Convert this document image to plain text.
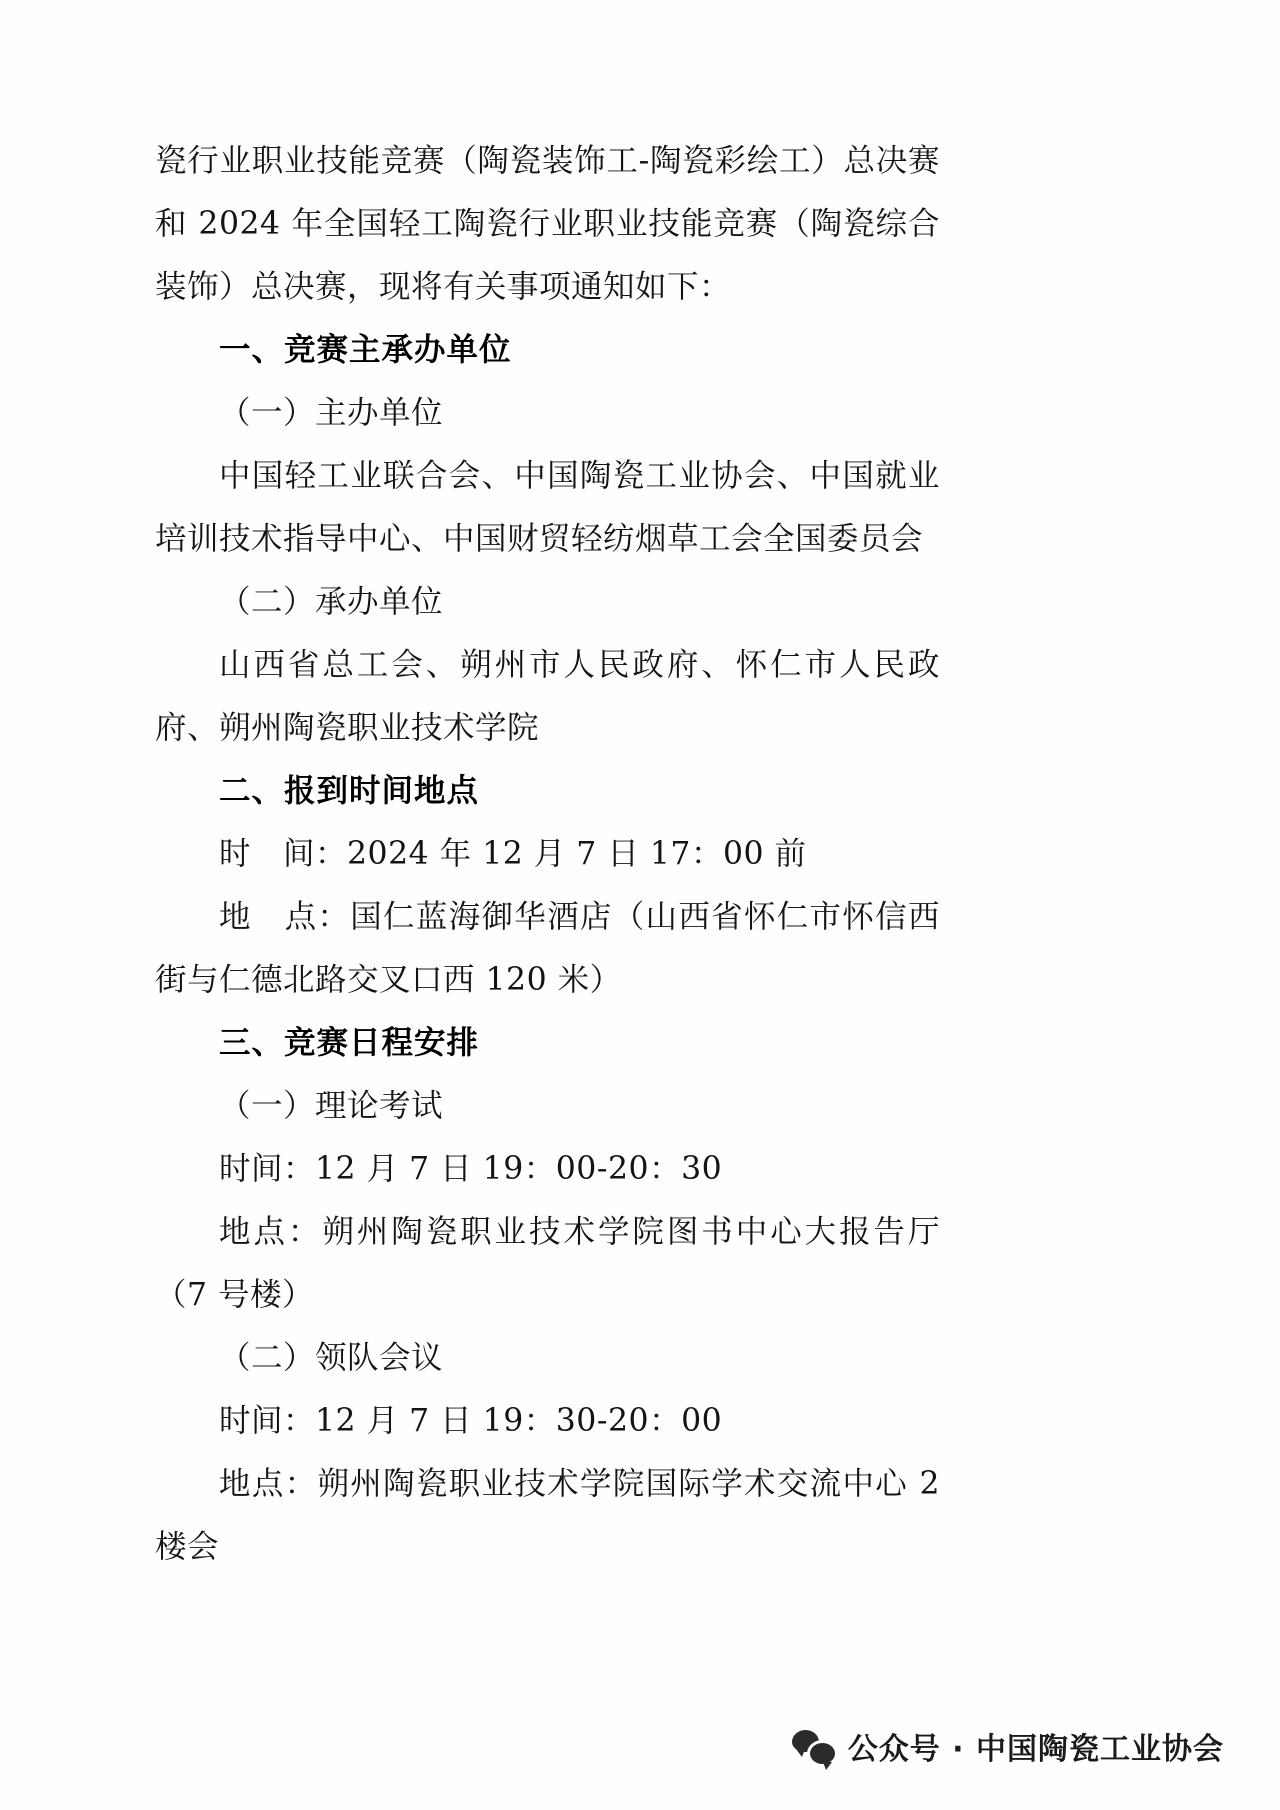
瓷行业职业技能竞赛（陶瓷装饰工-陶瓷彩绘工）总决赛和 2024 年全国轻工陶瓷行业职业技能竞赛（陶瓷综合装饰）总决赛，现将有关事项通知如下：

一、竞赛主承办单位

（一）主办单位

中国轻工业联合会、中国陶瓷工业协会、中国就业培训技术指导中心、中国财贸轻纺烟草工会全国委员会

（二）承办单位

山西省总工会、朔州市人民政府、怀仁市人民政府、朔州陶瓷职业技术学院

二、报到时间地点

时　间：2024 年 12 月 7 日 17：00 前

地　点：国仁蓝海御华酒店（山西省怀仁市怀信西街与仁德北路交叉口西 120 米）

三、竞赛日程安排

（一）理论考试

时间：12 月 7 日 19：00-20：30

地点：朔州陶瓷职业技术学院图书中心大报告厅（7 号楼）

（二）领队会议

时间：12 月 7 日 19：30-20：00

地点：朔州陶瓷职业技术学院国际学术交流中心 2 楼会

公众号 · 中国陶瓷工业协会
